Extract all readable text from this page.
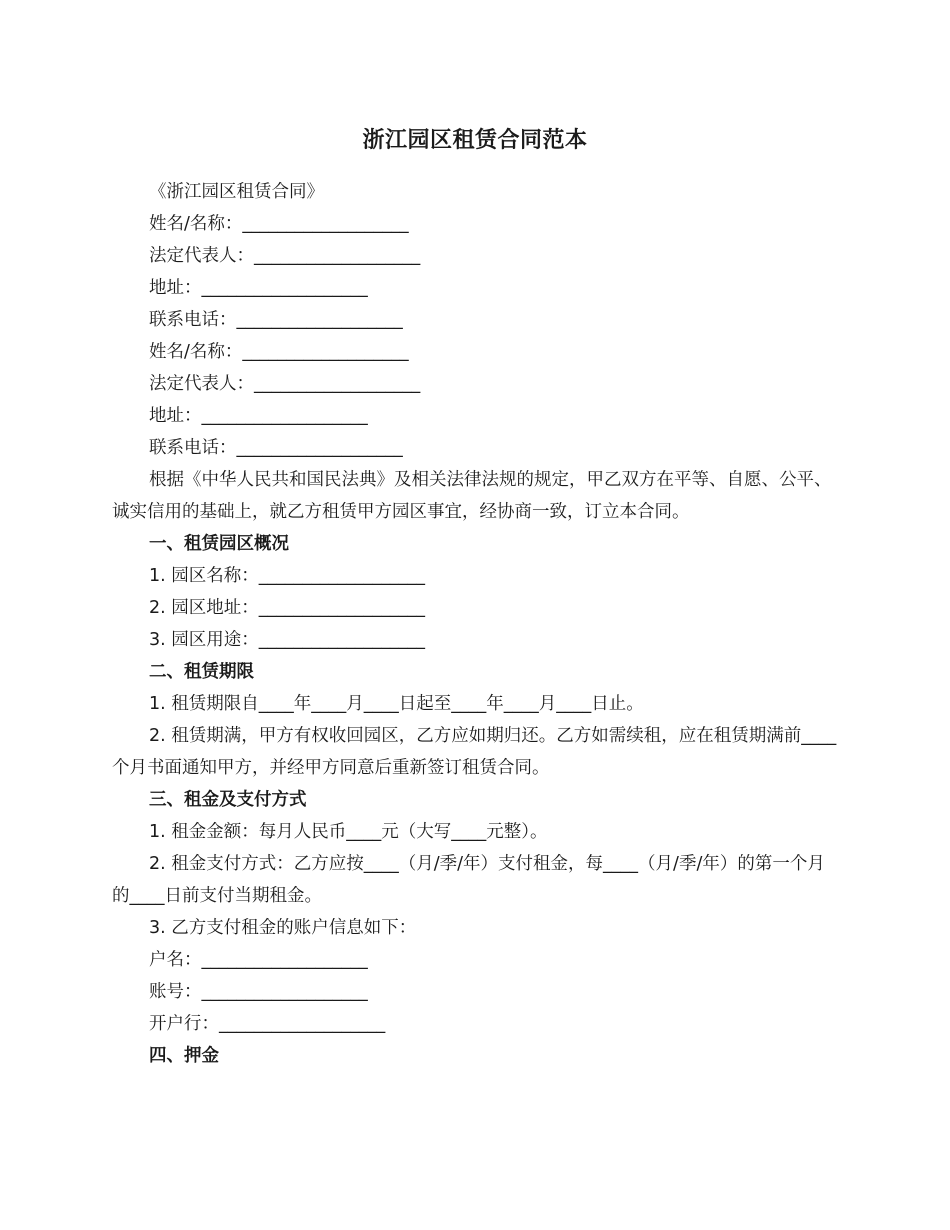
浙江园区租赁合同范本

《浙江园区租赁合同》

姓名/名称：___________________

法定代表人：___________________

地址：___________________

联系电话：___________________

姓名/名称：___________________

法定代表人：___________________

地址：___________________

联系电话：___________________

根据《中华人民共和国民法典》及相关法律法规的规定，甲乙双方在平等、自愿、公平、诚实信用的基础上，就乙方租赁甲方园区事宜，经协商一致，订立本合同。

一、租赁园区概况

1. 园区名称：___________________

2. 园区地址：___________________

3. 园区用途：___________________

二、租赁期限

1. 租赁期限自____年____月____日起至____年____月____日止。

2. 租赁期满，甲方有权收回园区，乙方应如期归还。乙方如需续租，应在租赁期满前____个月书面通知甲方，并经甲方同意后重新签订租赁合同。

三、租金及支付方式

1. 租金金额：每月人民币____元（大写____元整）。

2. 租金支付方式：乙方应按____（月/季/年）支付租金，每____（月/季/年）的第一个月的____日前支付当期租金。

3. 乙方支付租金的账户信息如下：

户名：___________________

账号：___________________

开户行：___________________

四、押金
